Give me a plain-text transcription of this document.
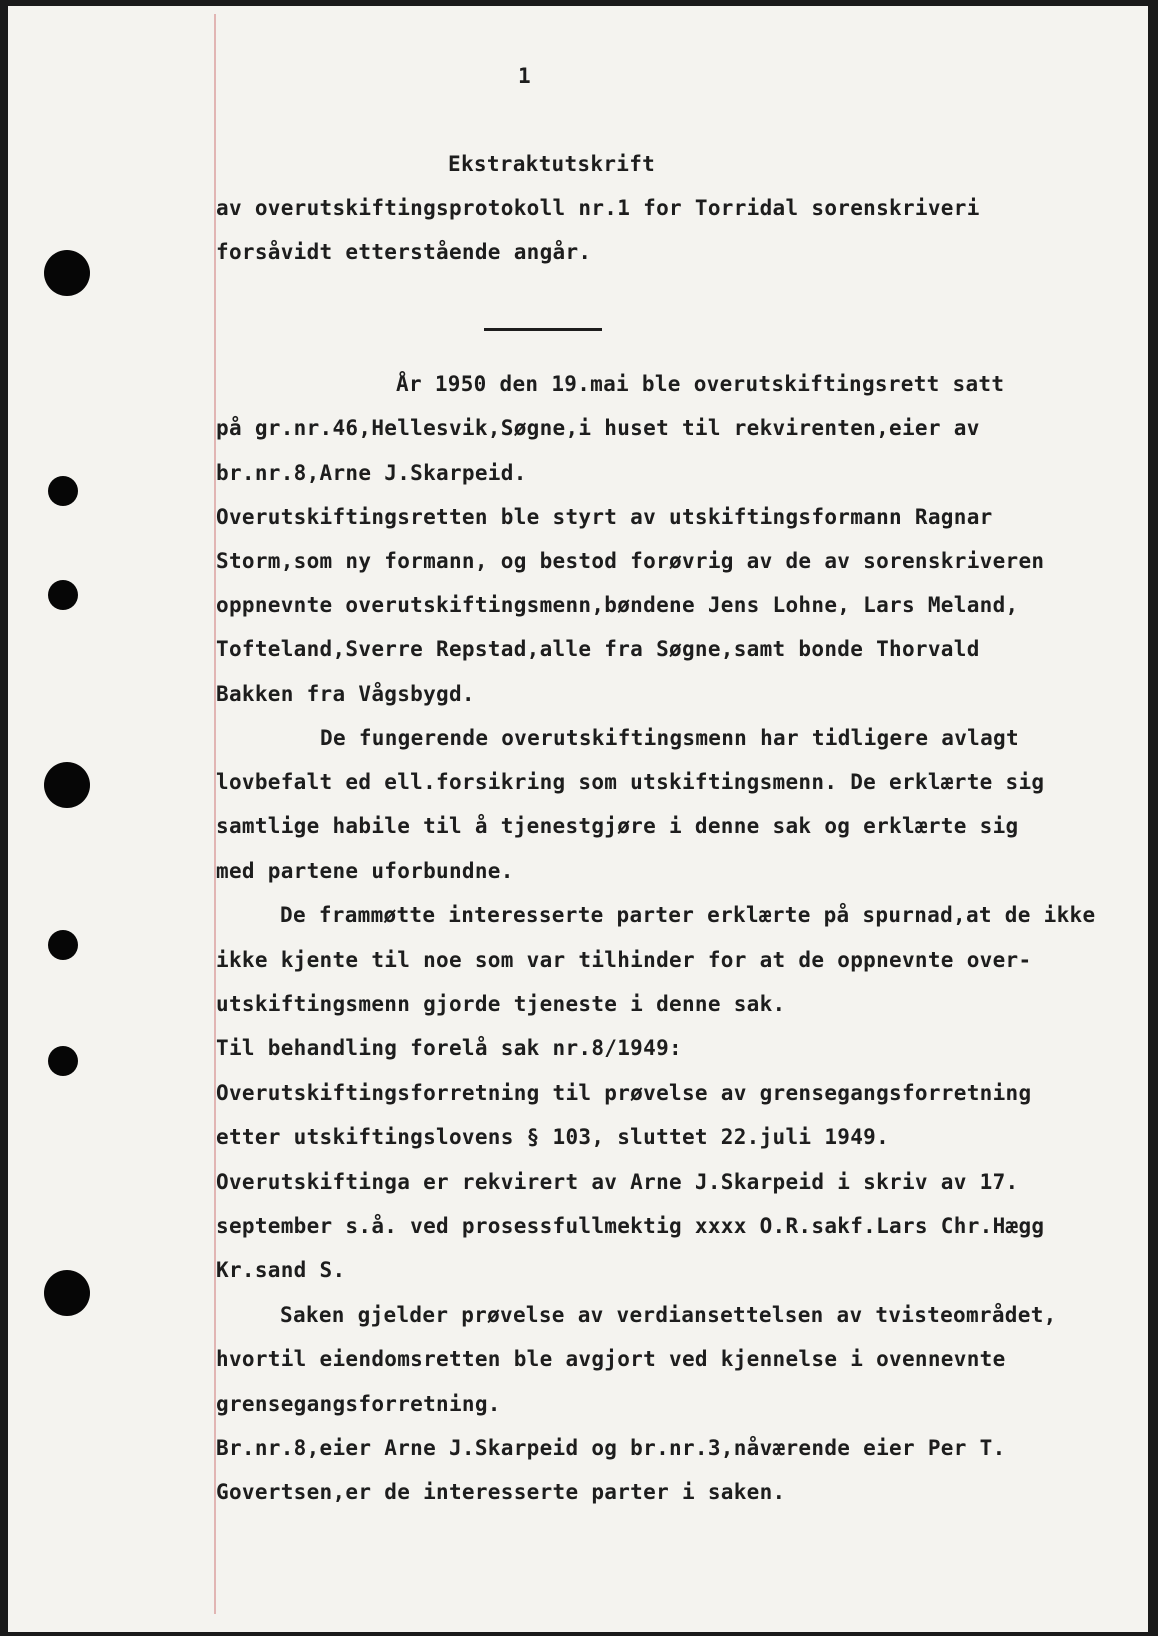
1
Ekstraktutskrift
av overutskiftingsprotokoll nr.1 for Torridal sorenskriveri
forsåvidt etterstående angår.
År 1950 den 19.mai ble overutskiftingsrett satt
på gr.nr.46,Hellesvik,Søgne,i huset til rekvirenten,eier av
br.nr.8,Arne J.Skarpeid.
Overutskiftingsretten ble styrt av utskiftingsformann Ragnar
Storm,som ny formann, og bestod forøvrig av de av sorenskriveren
oppnevnte overutskiftingsmenn,bøndene Jens Lohne, Lars Meland,
Tofteland,Sverre Repstad,alle fra Søgne,samt bonde Thorvald
Bakken fra Vågsbygd.
De fungerende overutskiftingsmenn har tidligere avlagt
lovbefalt ed ell.forsikring som utskiftingsmenn. De erklærte sig
samtlige habile til å tjenestgjøre i denne sak og erklærte sig
med partene uforbundne.
De frammøtte interesserte parter erklærte på spurnad,at de ikke
ikke kjente til noe som var tilhinder for at de oppnevnte over-
utskiftingsmenn gjorde tjeneste i denne sak.
Til behandling forelå sak nr.8/1949:
Overutskiftingsforretning til prøvelse av grensegangsforretning
etter utskiftingslovens § 103, sluttet 22.juli 1949.
Overutskiftinga er rekvirert av Arne J.Skarpeid i skriv av 17.
september s.å. ved prosessfullmektig xxxx O.R.sakf.Lars Chr.Hægg
Kr.sand S.
Saken gjelder prøvelse av verdiansettelsen av tvisteområdet,
hvortil eiendomsretten ble avgjort ved kjennelse i ovennevnte
grensegangsforretning.
Br.nr.8,eier Arne J.Skarpeid og br.nr.3,nåværende eier Per T.
Govertsen,er de interesserte parter i saken.
